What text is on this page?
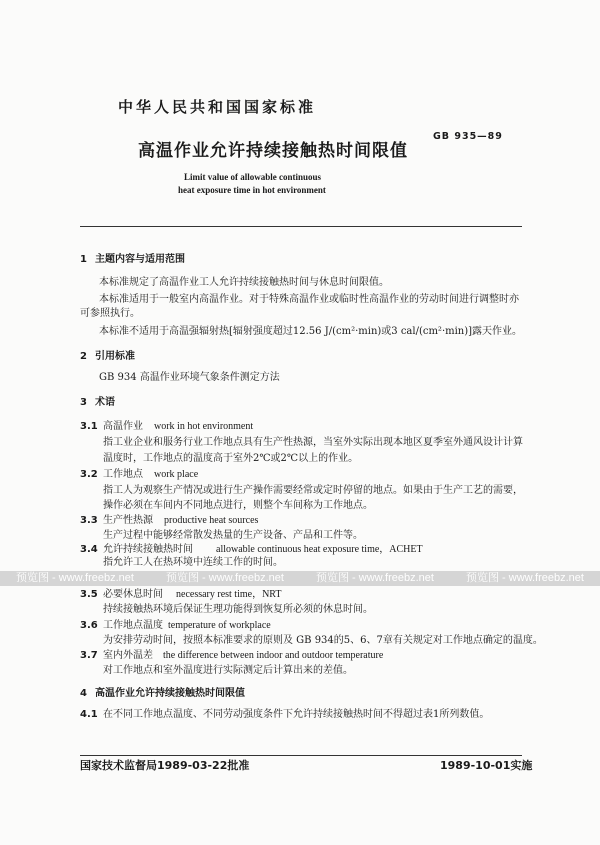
中华人民共和国国家标准
GB 935—89
高温作业允许持续接触热时间限值
Limit value of allowable continuous
heat exposure time in hot environment
1 主题内容与适用范围
本标准规定了高温作业工人允许持续接触热时间与休息时间限值。
本标准适用于一般室内高温作业。对于特殊高温作业或临时性高温作业的劳动时间进行调整时亦
可参照执行。
本标准不适用于高温强辐射热[辐射强度超过12.56 J/(cm²·min)或3 cal/(cm²·min)]露天作业。
2 引用标准
GB 934 高温作业环境气象条件测定方法
3 术语
3.1 高温作业 work in hot environment
指工业企业和服务行业工作地点具有生产性热源，当室外实际出现本地区夏季室外通风设计计算
温度时，工作地点的温度高于室外2℃或2℃以上的作业。
3.2 工作地点 work place
指工人为观察生产情况或进行生产操作需要经常或定时停留的地点。如果由于生产工艺的需要，
操作必须在车间内不同地点进行，则整个车间称为工作地点。
3.3 生产性热源 productive heat sources
生产过程中能够经常散发热量的生产设备、产品和工件等。
3.4 允许持续接触热时间 allowable continuous heat exposure time，ACHET
指允许工人在热环境中连续工作的时间。
预览图 - www.freebz.net	预览图 - www.freebz.net	预览图 - www.freebz.net	预览图 - www.freebz.net
3.5 必要休息时间 necessary rest time，NRT
持续接触热环境后保证生理功能得到恢复所必须的休息时间。
3.6 工作地点温度 temperature of workplace
为安排劳动时间，按照本标准要求的原则及 GB 934的5、6、7章有关规定对工作地点确定的温度。
3.7 室内外温差 the difference between indoor and outdoor temperature
对工作地点和室外温度进行实际测定后计算出来的差值。
4 高温作业允许持续接触热时间限值
4.1 在不同工作地点温度、不同劳动强度条件下允许持续接触热时间不得超过表1所列数值。
国家技术监督局1989-03-22批准	1989-10-01实施
